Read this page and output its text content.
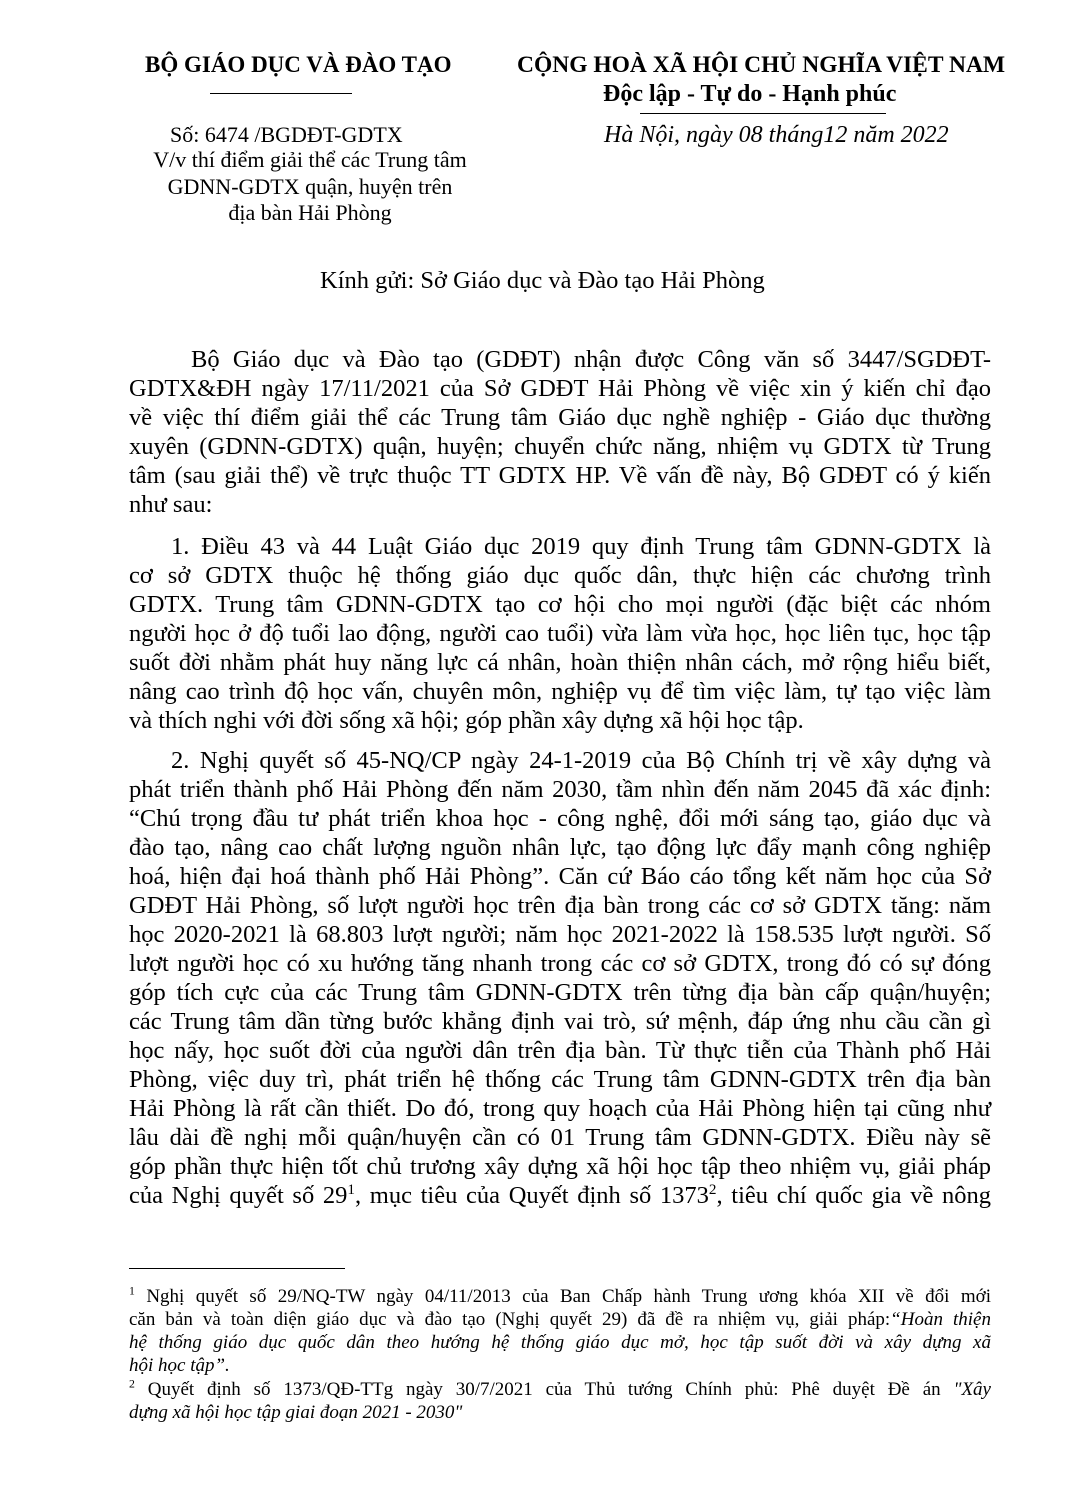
BỘ GIÁO DỤC VÀ ĐÀO TẠO
Số: 6474 /BGDĐT-GDTX
V/v thí điểm giải thể các Trung tâm
GDNN-GDTX quận, huyện trên
địa bàn Hải Phòng
CỘNG HOÀ XÃ HỘI CHỦ NGHĨA VIỆT NAM
Độc lập - Tự do - Hạnh phúc
Hà Nội, ngày 08 tháng12 năm 2022
Kính gửi: Sở Giáo dục và Đào tạo Hải Phòng
Bộ Giáo dục và Đào tạo (GDĐT) nhận được Công văn số 3447/SGDĐT-
GDTX&ĐH ngày 17/11/2021 của Sở GDĐT Hải Phòng về việc xin ý kiến chỉ đạo
về việc thí điểm giải thể các Trung tâm Giáo dục nghề nghiệp - Giáo dục thường
xuyên (GDNN-GDTX) quận, huyện; chuyển chức năng, nhiệm vụ GDTX từ Trung
tâm (sau giải thể) về trực thuộc TT GDTX HP. Về vấn đề này, Bộ GDĐT có ý kiến
như sau:
1. Điều 43 và 44 Luật Giáo dục 2019 quy định Trung tâm GDNN-GDTX là
cơ sở GDTX thuộc hệ thống giáo dục quốc dân, thực hiện các chương trình
GDTX. Trung tâm GDNN-GDTX tạo cơ hội cho mọi người (đặc biệt các nhóm
người học ở độ tuổi lao động, người cao tuổi) vừa làm vừa học, học liên tục, học tập
suốt đời nhằm phát huy năng lực cá nhân, hoàn thiện nhân cách, mở rộng hiểu biết,
nâng cao trình độ học vấn, chuyên môn, nghiệp vụ để tìm việc làm, tự tạo việc làm
và thích nghi với đời sống xã hội; góp phần xây dựng xã hội học tập.
2. Nghị quyết số 45-NQ/CP ngày 24-1-2019 của Bộ Chính trị về xây dựng và
phát triển thành phố Hải Phòng đến năm 2030, tầm nhìn đến năm 2045 đã xác định:
“Chú trọng đầu tư phát triển khoa học - công nghệ, đổi mới sáng tạo, giáo dục và
đào tạo, nâng cao chất lượng nguồn nhân lực, tạo động lực đẩy mạnh công nghiệp
hoá, hiện đại hoá thành phố Hải Phòng”. Căn cứ Báo cáo tổng kết năm học của Sở
GDĐT Hải Phòng, số lượt người học trên địa bàn trong các cơ sở GDTX tăng: năm
học 2020-2021 là 68.803 lượt người; năm học 2021-2022 là 158.535 lượt người. Số
lượt người học có xu hướng tăng nhanh trong các cơ sở GDTX, trong đó có sự đóng
góp tích cực của các Trung tâm GDNN-GDTX trên từng địa bàn cấp quận/huyện;
các Trung tâm dần từng bước khẳng định vai trò, sứ mệnh, đáp ứng nhu cầu cần gì
học nấy, học suốt đời của người dân trên địa bàn. Từ thực tiễn của Thành phố Hải
Phòng, việc duy trì, phát triển hệ thống các Trung tâm GDNN-GDTX trên địa bàn
Hải Phòng là rất cần thiết. Do đó, trong quy hoạch của Hải Phòng hiện tại cũng như
lâu dài đề nghị mỗi quận/huyện cần có 01 Trung tâm GDNN-GDTX. Điều này sẽ
góp phần thực hiện tốt chủ trương xây dựng xã hội học tập theo nhiệm vụ, giải pháp
của Nghị quyết số $29^1$, mục tiêu của Quyết định số 1373$^2$, tiêu chí quốc gia về nông
$^1$ Nghị quyết số 29/NQ-TW ngày 04/11/2013 của Ban Chấp hành Trung ương khóa XII về đổi mới
căn bản và toàn diện giáo dục và đào tạo (Nghị quyết 29) đã đề ra nhiệm vụ, giải pháp:“Hoàn thiện
hệ thống giáo dục quốc dân theo hướng hệ thống giáo dục mở, học tập suốt đời và xây dựng xã
hội học tập”.
$^2$ Quyết định số 1373/QĐ-TTg ngày 30/7/2021 của Thủ tướng Chính phủ: Phê duyệt Đề án "Xây
dựng xã hội học tập giai đoạn 2021 - 2030"
